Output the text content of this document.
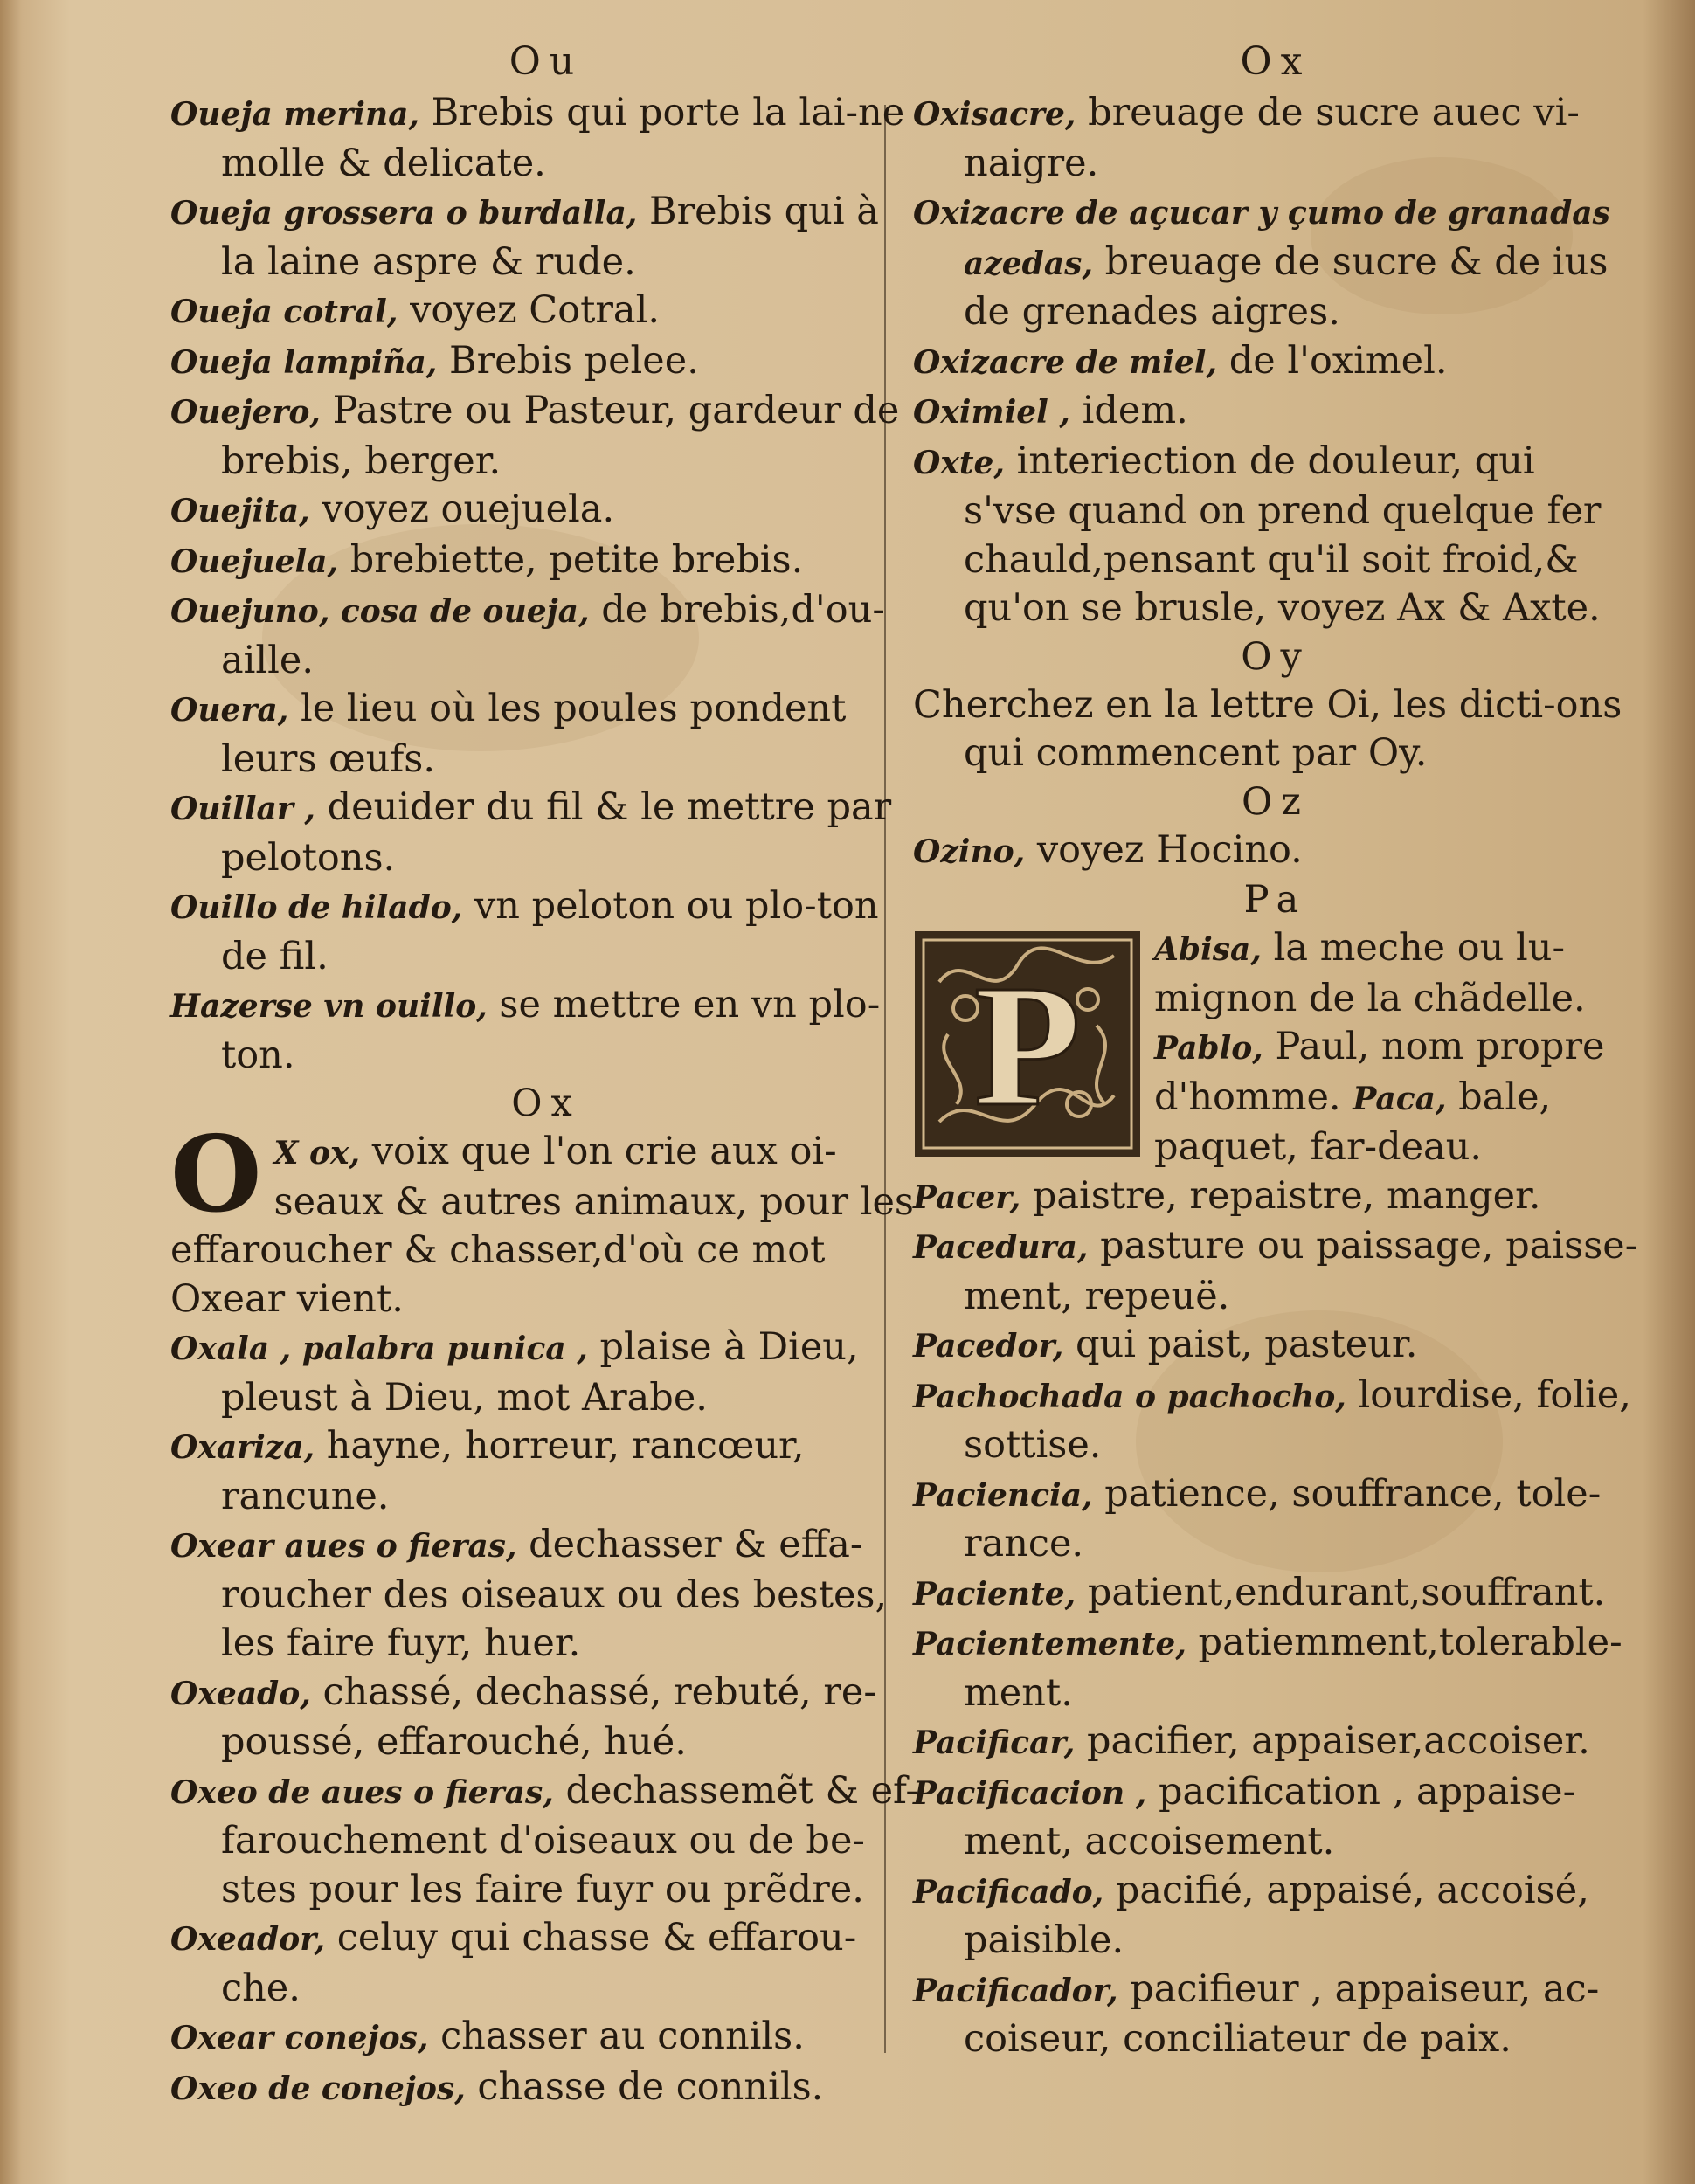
Ou
Oueja merina, Brebis qui porte la lai-ne molle & delicate.
Oueja grossera o burdalla, Brebis qui à la laine aspre & rude.
Oueja cotral, voyez Cotral.
Oueja lampiña, Brebis pelee.
Ouejero, Pastre ou Pasteur, gardeur de brebis, berger.
Ouejita, voyez ouejuela.
Ouejuela, brebiette, petite brebis.
Ouejuno, cosa de oueja, de brebis,d'ou-aille.
Ouera, le lieu où les poules pondent leurs œufs.
Ouillar , deuider du fil & le mettre par pelotons.
Ouillo de hilado, vn peloton ou plo-ton de fil.
Hazerse vn ouillo, se mettre en vn plo-ton.
Ox
O X ox, voix que l'on crie aux oi-seaux & autres animaux, pour les effaroucher & chasser,d'où ce mot Oxear vient.
Oxala , palabra punica , plaise à Dieu, pleust à Dieu, mot Arabe.
Oxariza, hayne, horreur, rancœur, rancune.
Oxear aues o fieras, dechasser & effa-roucher des oiseaux ou des bestes, les faire fuyr, huer.
Oxeado, chassé, dechassé, rebuté, re-poussé, effarouché, hué.
Oxeo de aues o fieras, dechassemẽt & ef-farouchement d'oiseaux ou de be-stes pour les faire fuyr ou prẽdre.
Oxeador, celuy qui chasse & effarou-che.
Oxear conejos, chasser au connils.
Oxeo de conejos, chasse de connils.
Ox
Oxisacre, breuage de sucre auec vi-naigre.
Oxizacre de açucar y çumo de granadas azedas, breuage de sucre & de ius de grenades aigres.
Oxizacre de miel, de l'oximel.
Oximiel , idem.
Oxte, interiection de douleur, qui s'vse quand on prend quelque fer chauld,pensant qu'il soit froid,& qu'on se brusle, voyez Ax & Axte.
Oy
Cherchez en la lettre Oi, les dicti-ons qui commencent par Oy.
Oz
Ozino, voyez Hocino.
Pa
P Abisa, la meche ou lu-mignon de la chãdelle. Pablo, Paul, nom propre d'homme. Paca, bale, paquet, far-deau.
Pacer, paistre, repaistre, manger.
Pacedura, pasture ou paissage, paisse-ment, repeuë.
Pacedor, qui paist, pasteur.
Pachochada o pachocho, lourdise, folie, sottise.
Paciencia, patience, souffrance, tole-rance.
Paciente, patient,endurant,souffrant.
Pacientemente, patiemment,tolerable-ment.
Pacificar, pacifier, appaiser,accoiser.
Pacificacion , pacification , appaise-ment, accoisement.
Pacificado, pacifié, appaisé, accoisé, paisible.
Pacificador, pacifieur , appaiseur, ac-coiseur, conciliateur de paix.
